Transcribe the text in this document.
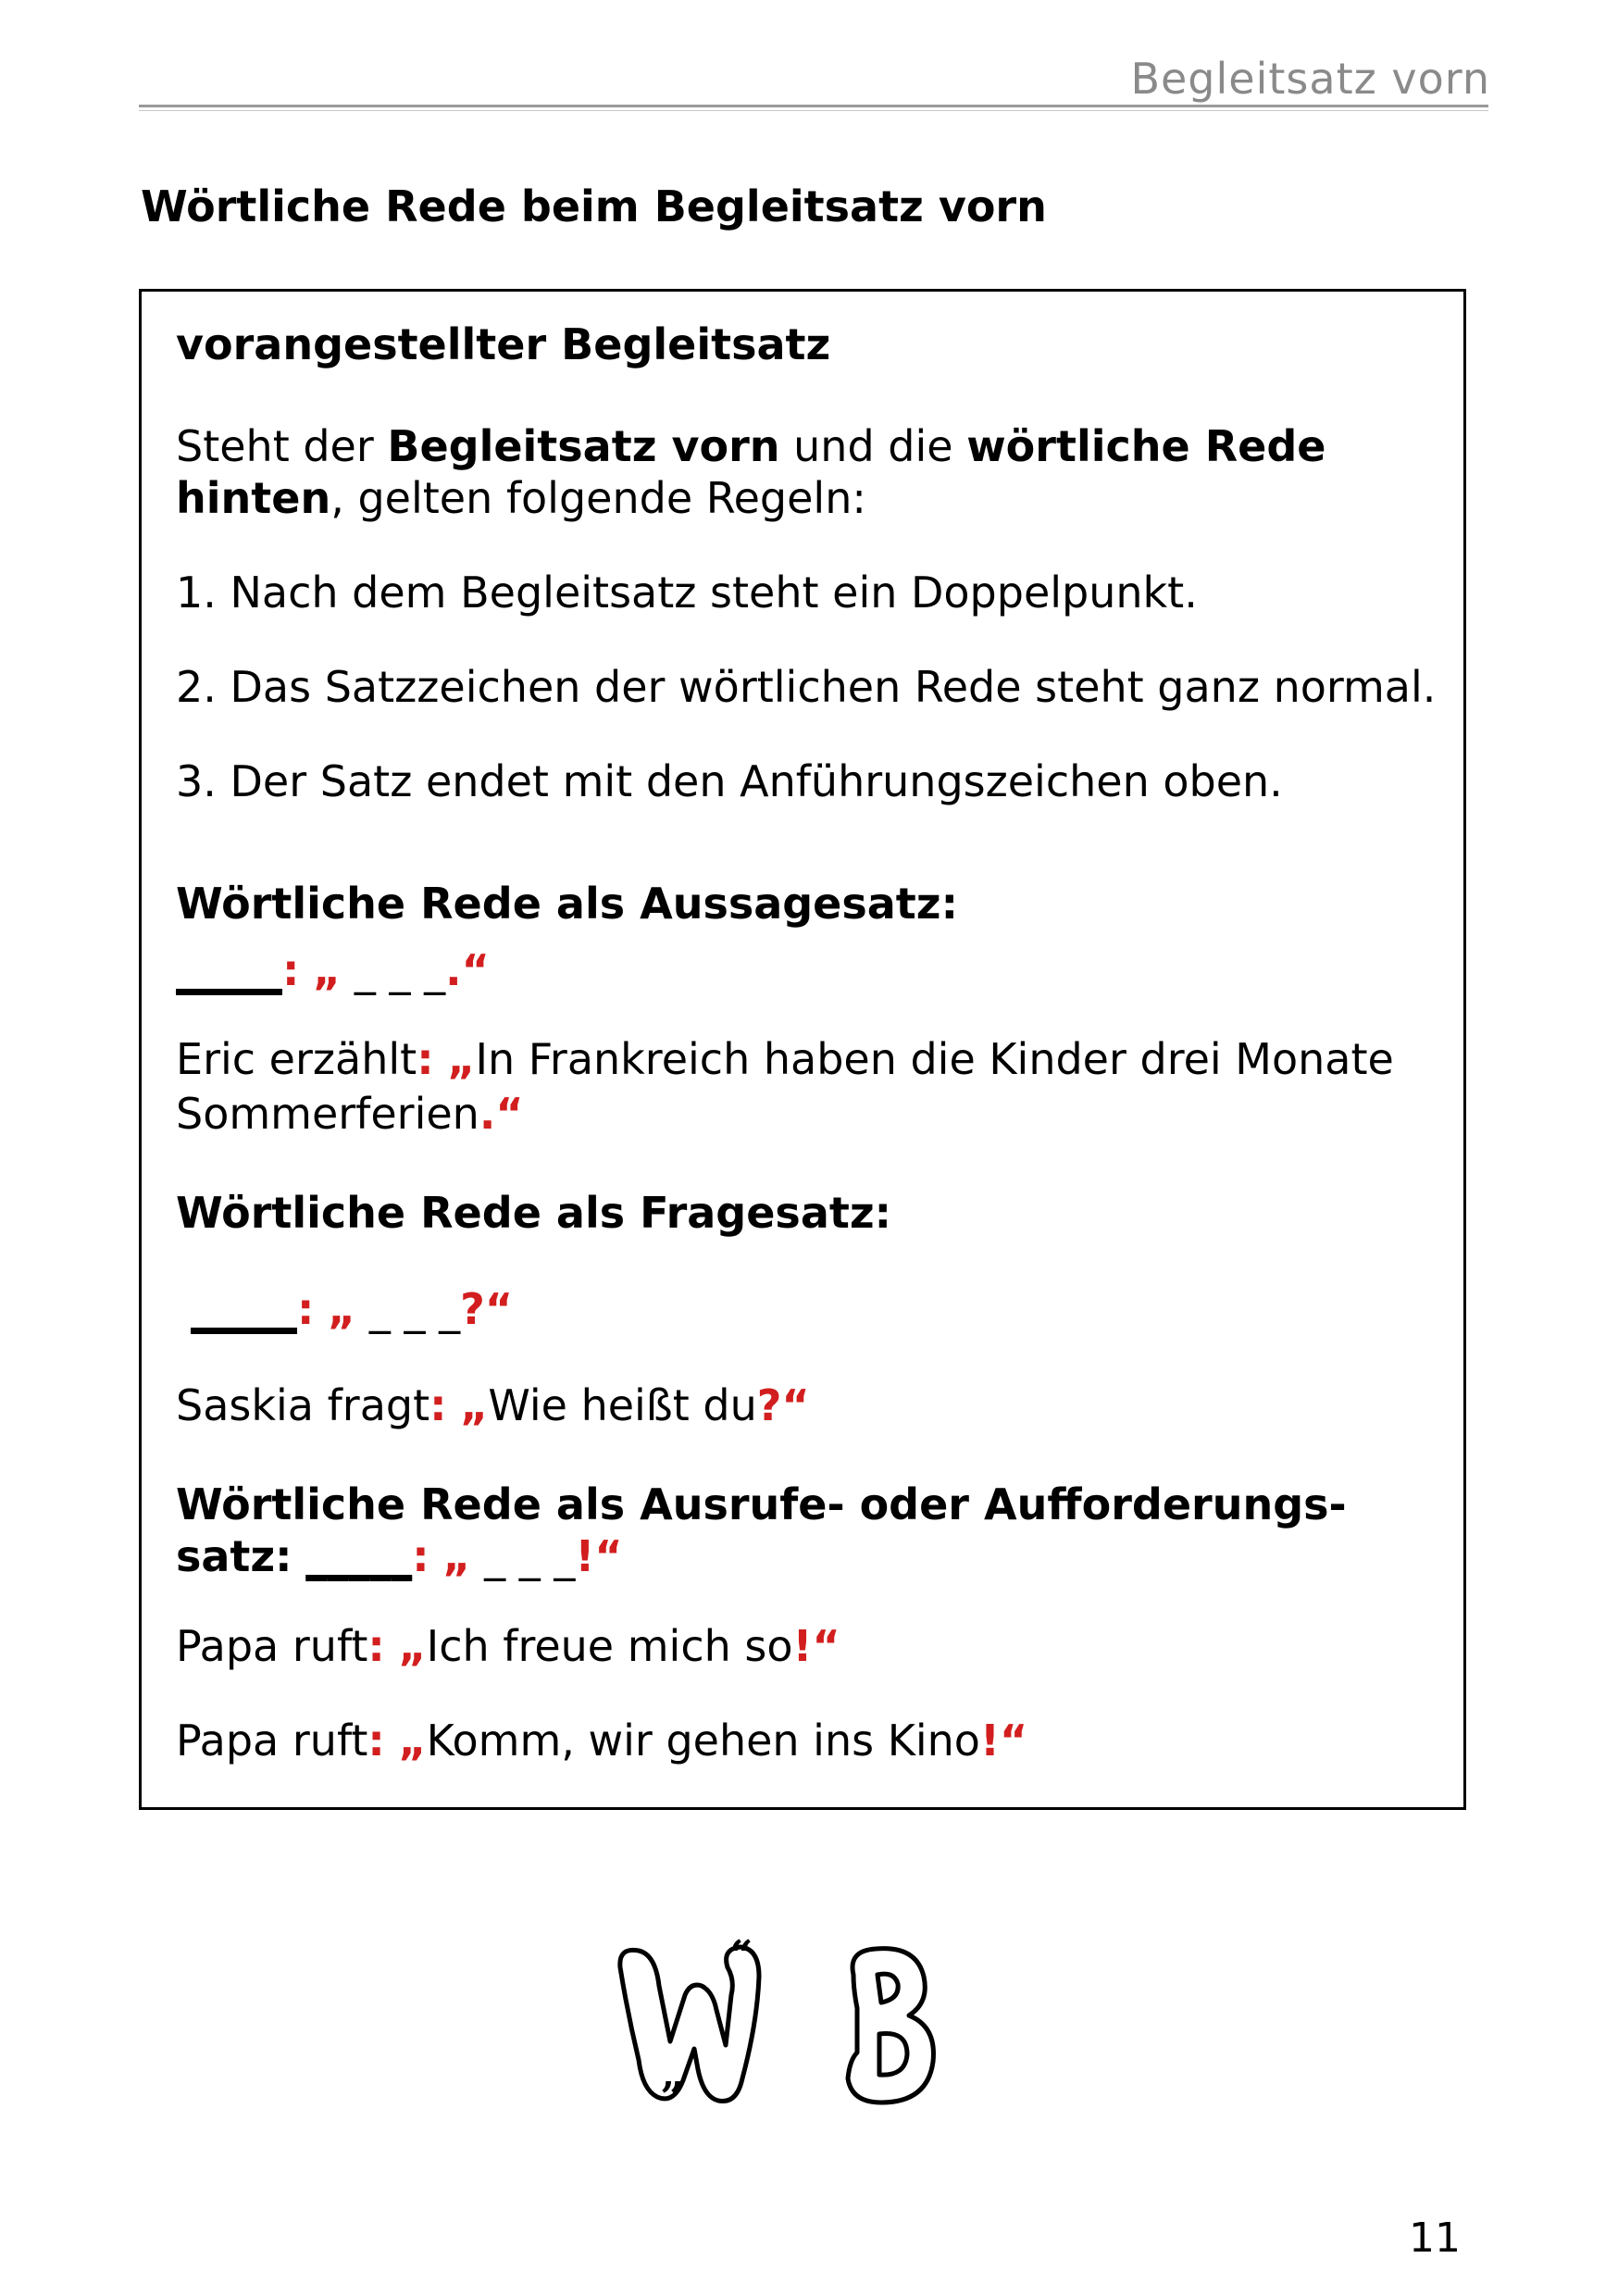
Begleitsatz vorn
Wörtliche Rede beim Begleitsatz vorn

vorangestellter Begleitsatz

Steht der Begleitsatz vorn und die wörtliche Rede

hinten, gelten folgende Regeln:

1. Nach dem Begleitsatz steht ein Doppelpunkt.

2. Das Satzzeichen der wörtlichen Rede steht ganz normal.

3. Der Satz endet mit den Anführungszeichen oben.

Wörtliche Rede als Aussagesatz:

_____: „ _ _ _.“

Eric erzählt: „In Frankreich haben die Kinder drei Monate

Sommerferien.“

Wörtliche Rede als Fragesatz:

_____: „ _ _ _?“

Saskia fragt: „Wie heißt du?“

Wörtliche Rede als Ausrufe- oder Aufforderungs-

satz: _____: „ _ _ _!“

Papa ruft: „Ich freue mich so!“

Papa ruft: „Komm, wir gehen ins Kino!“

“
„
11
